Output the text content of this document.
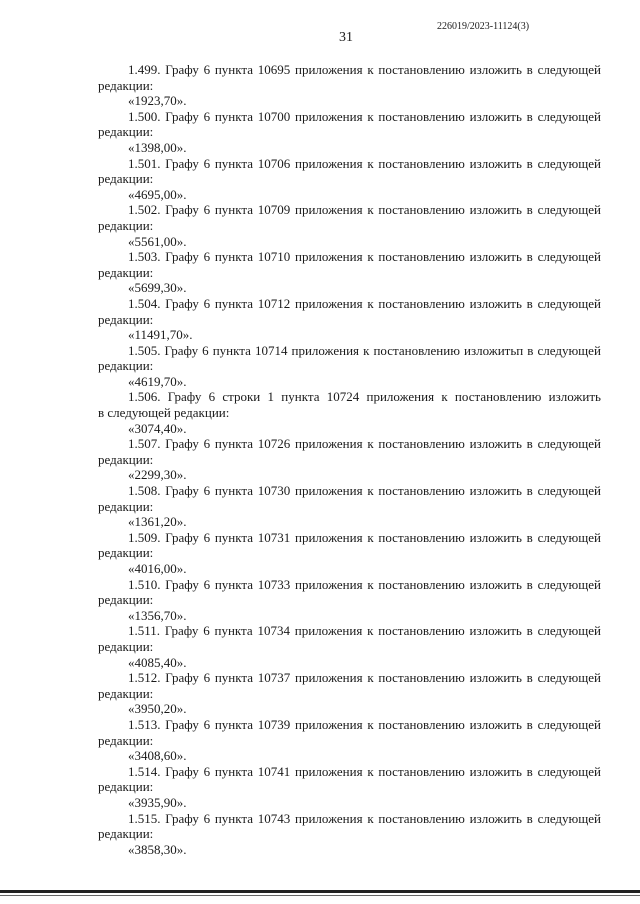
226019/2023-11124(3)
31
1.499. Графу 6 пункта 10695 приложения к постановлению изложить в следующей
редакции:
«1923,70».
1.500. Графу 6 пункта 10700 приложения к постановлению изложить в следующей
редакции:
«1398,00».
1.501. Графу 6 пункта 10706 приложения к постановлению изложить в следующей
редакции:
«4695,00».
1.502. Графу 6 пункта 10709 приложения к постановлению изложить в следующей
редакции:
«5561,00».
1.503. Графу 6 пункта 10710 приложения к постановлению изложить в следующей
редакции:
«5699,30».
1.504. Графу 6 пункта 10712 приложения к постановлению изложить в следующей
редакции:
«11491,70».
1.505. Графу 6 пункта 10714 приложения к постановлению изложитьп в следующей
редакции:
«4619,70».
1.506. Графу 6 строки 1 пункта 10724 приложения к постановлению изложить
в следующей редакции:
«3074,40».
1.507. Графу 6 пункта 10726 приложения к постановлению изложить в следующей
редакции:
«2299,30».
1.508. Графу 6 пункта 10730 приложения к постановлению изложить в следующей
редакции:
«1361,20».
1.509. Графу 6 пункта 10731 приложения к постановлению изложить в следующей
редакции:
«4016,00».
1.510. Графу 6 пункта 10733 приложения к постановлению изложить в следующей
редакции:
«1356,70».
1.511. Графу 6 пункта 10734 приложения к постановлению изложить в следующей
редакции:
«4085,40».
1.512. Графу 6 пункта 10737 приложения к постановлению изложить в следующей
редакции:
«3950,20».
1.513. Графу 6 пункта 10739 приложения к постановлению изложить в следующей
редакции:
«3408,60».
1.514. Графу 6 пункта 10741 приложения к постановлению изложить в следующей
редакции:
«3935,90».
1.515. Графу 6 пункта 10743 приложения к постановлению изложить в следующей
редакции:
«3858,30».
